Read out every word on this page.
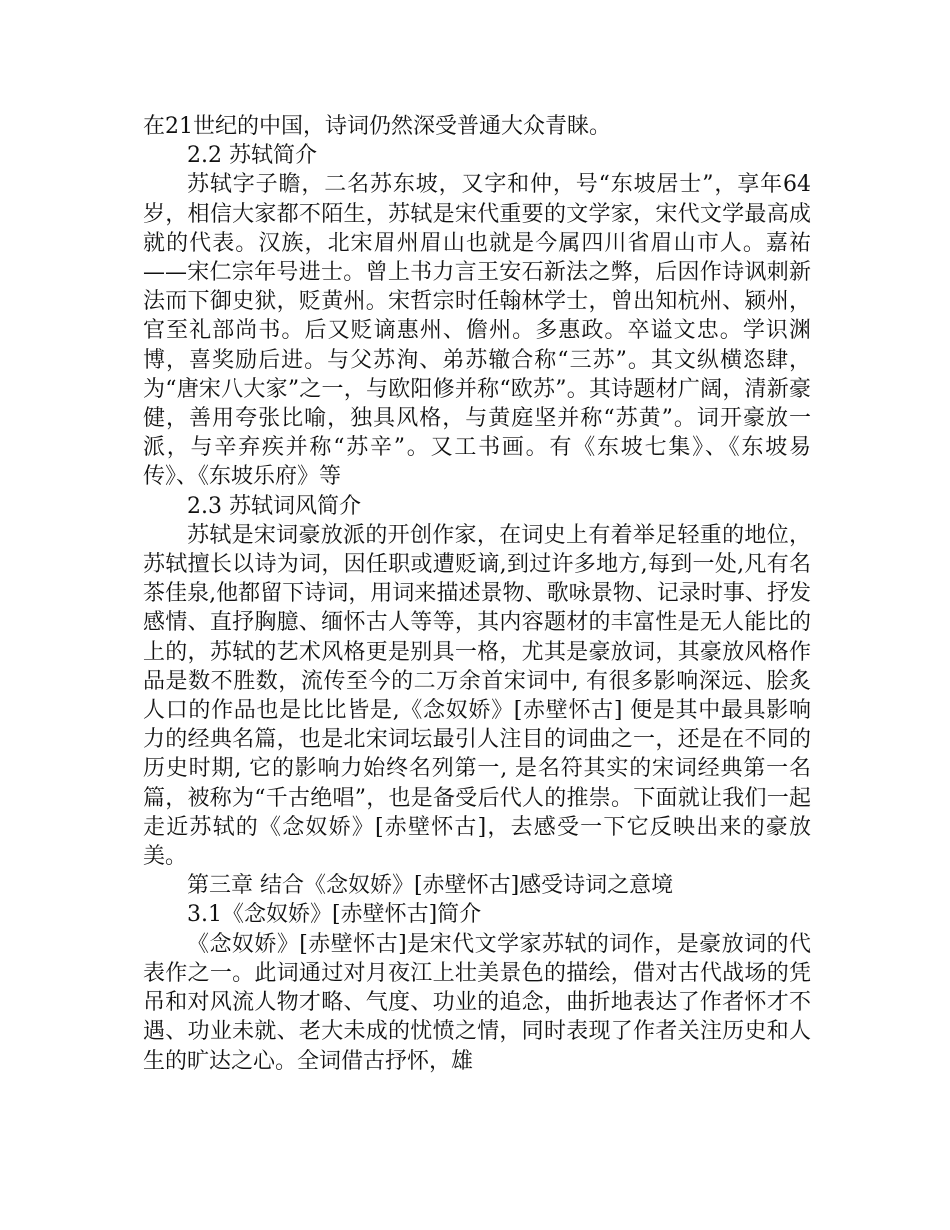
在21世纪的中国，诗词仍然深受普通大众青睐。

2.2 苏轼简介

苏轼字子瞻，二名苏东坡，又字和仲，号“东坡居士”，享年64岁，相信大家都不陌生，苏轼是宋代重要的文学家，宋代文学最高成就的代表。汉族，北宋眉州眉山也就是今属四川省眉山市人。嘉祐——宋仁宗年号进士。曾上书力言王安石新法之弊，后因作诗讽刺新法而下御史狱，贬黄州。宋哲宗时任翰林学士，曾出知杭州、颍州，官至礼部尚书。后又贬谪惠州、儋州。多惠政。卒谥文忠。学识渊博，喜奖励后进。与父苏洵、弟苏辙合称“三苏”。其文纵横恣肆，为“唐宋八大家”之一，与欧阳修并称“欧苏”。其诗题材广阔，清新豪健，善用夸张比喻，独具风格，与黄庭坚并称“苏黄”。词开豪放一派，与辛弃疾并称“苏辛”。又工书画。有《东坡七集》、《东坡易传》、《东坡乐府》等

2.3 苏轼词风简介

苏轼是宋词豪放派的开创作家，在词史上有着举足轻重的地位，苏轼擅长以诗为词，因任职或遭贬谪,到过许多地方,每到一处,凡有名茶佳泉,他都留下诗词，用词来描述景物、歌咏景物、记录时事、抒发感情、直抒胸臆、缅怀古人等等，其内容题材的丰富性是无人能比的上的，苏轼的艺术风格更是别具一格，尤其是豪放词，其豪放风格作品是数不胜数，流传至今的二万余首宋词中, 有很多影响深远、脍炙人口的作品也是比比皆是,《念奴娇》[赤壁怀古] 便是其中最具影响力的经典名篇，也是北宋词坛最引人注目的词曲之一，还是在不同的历史时期, 它的影响力始终名列第一, 是名符其实的宋词经典第一名篇，被称为“千古绝唱”，也是备受后代人的推崇。下面就让我们一起走近苏轼的《念奴娇》[赤壁怀古]，去感受一下它反映出来的豪放美。

第三章 结合《念奴娇》[赤壁怀古]感受诗词之意境

3.1《念奴娇》[赤壁怀古]简介

《念奴娇》[赤壁怀古]是宋代文学家苏轼的词作，是豪放词的代表作之一。此词通过对月夜江上壮美景色的描绘，借对古代战场的凭吊和对风流人物才略、气度、功业的追念，曲折地表达了作者怀才不遇、功业未就、老大未成的忧愤之情，同时表现了作者关注历史和人生的旷达之心。全词借古抒怀，雄
